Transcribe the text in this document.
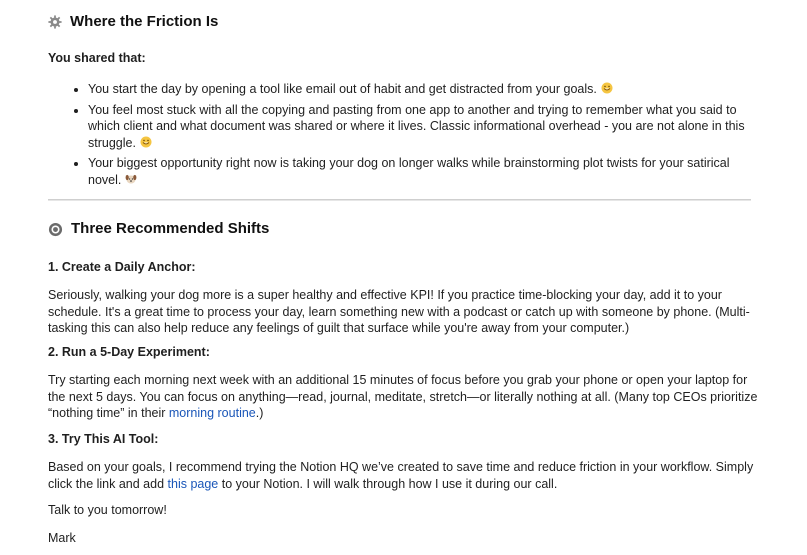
Where the Friction Is

You shared that:

• You start the day by opening a tool like email out of habit and get distracted from your goals.
• You feel most stuck with all the copying and pasting from one app to another and trying to remember what you said to which client and what document was shared or where it lives. Classic informational overhead - you are not alone in this struggle.
• Your biggest opportunity right now is taking your dog on longer walks while brainstorming plot twists for your satirical novel.
Three Recommended Shifts
1. Create a Daily Anchor:

Seriously, walking your dog more is a super healthy and effective KPI! If you practice time-blocking your day, add it to your schedule. It's a great time to process your day, learn something new with a podcast or catch up with someone by phone. (Multi-tasking this can also help reduce any feelings of guilt that surface while you're away from your computer.)

2. Run a 5-Day Experiment:

Try starting each morning next week with an additional 15 minutes of focus before you grab your phone or open your laptop for the next 5 days. You can focus on anything—read, journal, meditate, stretch—or literally nothing at all. (Many top CEOs prioritize “nothing time” in their morning routine.)

3. Try This AI Tool:

Based on your goals, I recommend trying the Notion HQ we’ve created to save time and reduce friction in your workflow. Simply click the link and add this page to your Notion. I will walk through how I use it during our call.

Talk to you tomorrow!
Mark
